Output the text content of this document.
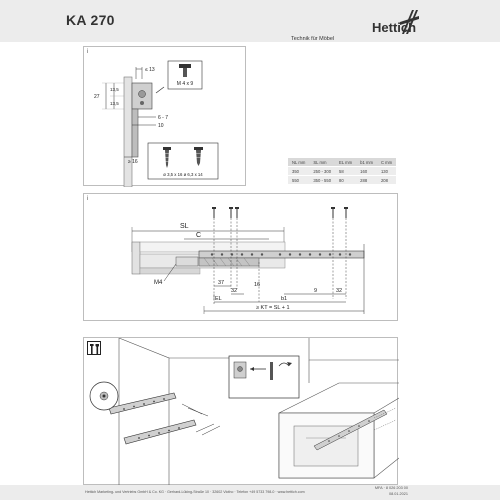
KA 270
Technik für Möbel
Hettich
i
M 4 x 9
≤ 13
27
13,5
13,5
6 - 7
10
≥ 16
ø 3,5 x 16 ø 6,3 x 14
NL mm	SL mm	EL mm	b1 mm	C mm
350	250 - 300	58	160	130
550	350 - 550	80	288	208
i
SL
C
M4	37
32
16
9	32
EL	b1
≥ KT = SL + 1
Hettich Marketing- und Vertriebs GmbH & Co. KG · Gerhard-Lüking-Straße 10 · 32602 Vlotho · Telefon +49 5733 798-0 · www.hettich.com
MFA · 8 026 203 00
08.01.2021
